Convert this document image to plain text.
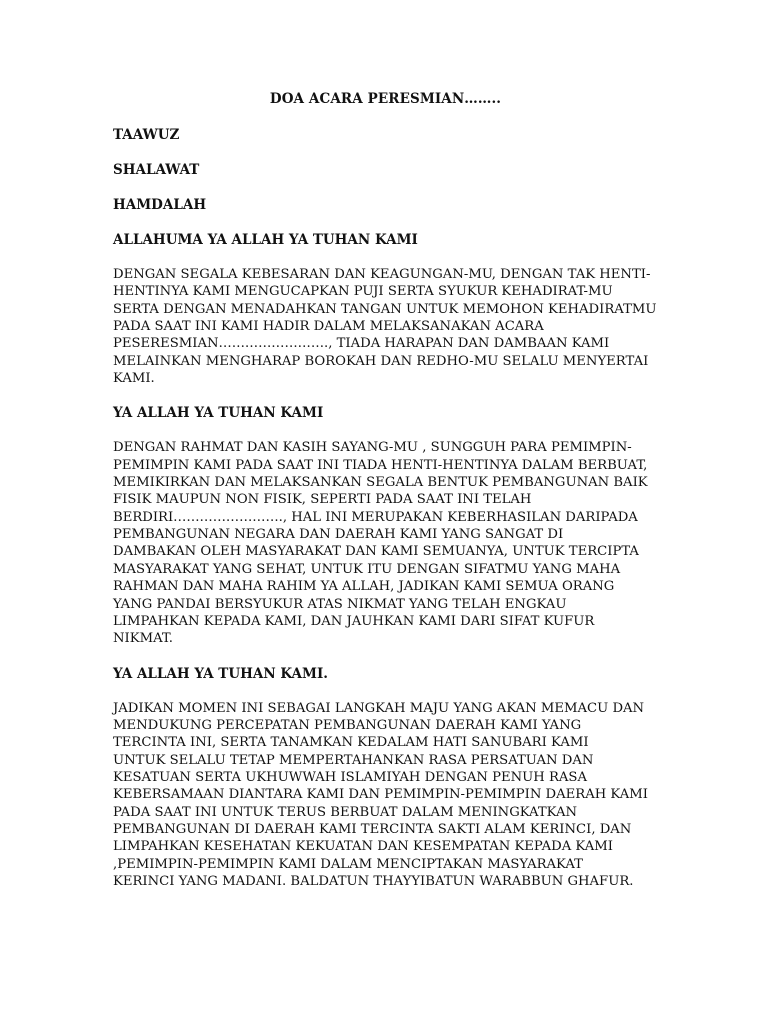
DOA ACARA PERESMIAN……..
TAAWUZ
SHALAWAT
HAMDALAH
ALLAHUMA YA ALLAH YA TUHAN KAMI
DENGAN SEGALA KEBESARAN DAN KEAGUNGAN-MU, DENGAN TAK HENTI-
HENTINYA KAMI MENGUCAPKAN PUJI SERTA SYUKUR KEHADIRAT-MU
SERTA DENGAN MENADAHKAN TANGAN UNTUK MEMOHON KEHADIRATMU
PADA SAAT INI KAMI HADIR DALAM MELAKSANAKAN ACARA
PESERESMIAN……………………., TIADA HARAPAN DAN DAMBAAN KAMI
MELAINKAN MENGHARAP BOROKAH DAN REDHO-MU SELALU MENYERTAI
KAMI.
YA ALLAH YA TUHAN KAMI
DENGAN RAHMAT DAN KASIH SAYANG-MU , SUNGGUH PARA PEMIMPIN-
PEMIMPIN KAMI PADA SAAT INI TIADA HENTI-HENTINYA DALAM BERBUAT,
MEMIKIRKAN DAN MELAKSANKAN SEGALA BENTUK PEMBANGUNAN BAIK
FISIK MAUPUN NON FISIK, SEPERTI PADA SAAT INI TELAH
BERDIRI……………………., HAL INI MERUPAKAN KEBERHASILAN DARIPADA
PEMBANGUNAN NEGARA DAN DAERAH KAMI YANG SANGAT DI
DAMBAKAN OLEH MASYARAKAT DAN KAMI SEMUANYA, UNTUK TERCIPTA
MASYARAKAT YANG SEHAT, UNTUK ITU DENGAN SIFATMU YANG MAHA
RAHMAN DAN MAHA RAHIM YA ALLAH, JADIKAN KAMI SEMUA ORANG
YANG PANDAI BERSYUKUR ATAS NIKMAT YANG TELAH ENGKAU
LIMPAHKAN KEPADA KAMI, DAN JAUHKAN KAMI DARI SIFAT KUFUR
NIKMAT.
YA ALLAH YA TUHAN KAMI.
JADIKAN MOMEN INI SEBAGAI LANGKAH MAJU YANG AKAN MEMACU DAN
MENDUKUNG PERCEPATAN PEMBANGUNAN DAERAH KAMI YANG
TERCINTA INI, SERTA TANAMKAN KEDALAM HATI SANUBARI KAMI
UNTUK SELALU TETAP MEMPERTAHANKAN RASA PERSATUAN DAN
KESATUAN SERTA UKHUWWAH ISLAMIYAH DENGAN PENUH RASA
KEBERSAMAAN DIANTARA KAMI DAN PEMIMPIN-PEMIMPIN DAERAH KAMI
PADA SAAT INI UNTUK TERUS BERBUAT DALAM MENINGKATKAN
PEMBANGUNAN DI DAERAH KAMI TERCINTA SAKTI ALAM KERINCI, DAN
LIMPAHKAN KESEHATAN KEKUATAN DAN KESEMPATAN KEPADA KAMI
,PEMIMPIN-PEMIMPIN KAMI DALAM MENCIPTAKAN MASYARAKAT
KERINCI YANG MADANI. BALDATUN THAYYIBATUN WARABBUN GHAFUR.
